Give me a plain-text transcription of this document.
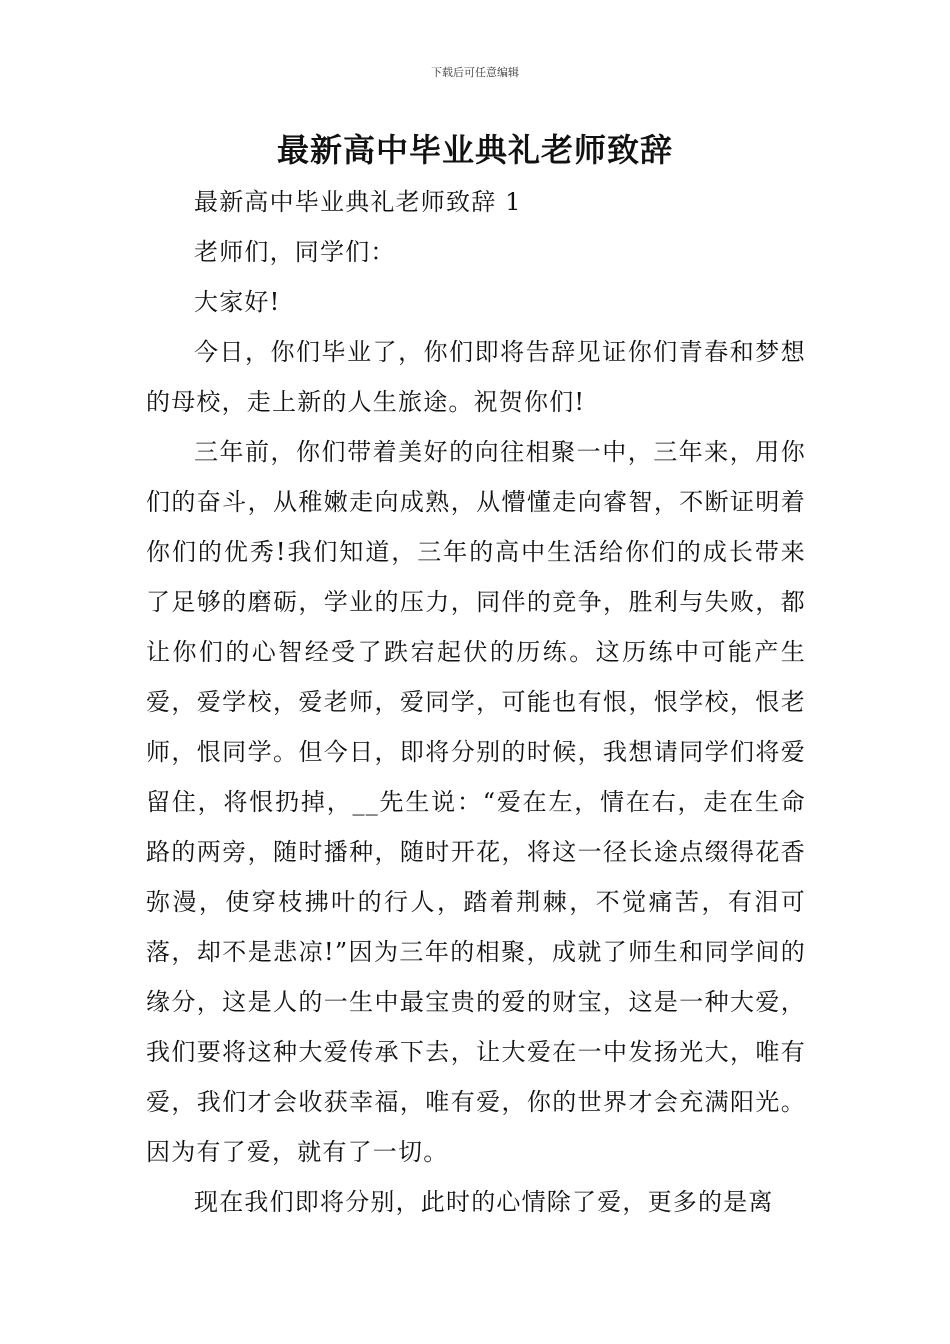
下载后可任意编辑
最新高中毕业典礼老师致辞

最新高中毕业典礼老师致辞 1

老师们，同学们：

大家好!

今日，你们毕业了，你们即将告辞见证你们青春和梦想的母校，走上新的人生旅途。祝贺你们!

三年前，你们带着美好的向往相聚一中，三年来，用你们的奋斗，从稚嫩走向成熟，从懵懂走向睿智，不断证明着你们的优秀!我们知道，三年的高中生活给你们的成长带来了足够的磨砺，学业的压力，同伴的竞争，胜利与失败，都让你们的心智经受了跌宕起伏的历练。这历练中可能产生爱，爱学校，爱老师，爱同学，可能也有恨，恨学校，恨老师，恨同学。但今日，即将分别的时候，我想请同学们将爱留住，将恨扔掉，__先生说：“爱在左，情在右，走在生命路的两旁，随时播种，随时开花，将这一径长途点缀得花香弥漫，使穿枝拂叶的行人，踏着荆棘，不觉痛苦，有泪可落，却不是悲凉!”因为三年的相聚，成就了师生和同学间的缘分，这是人的一生中最宝贵的爱的财宝，这是一种大爱，我们要将这种大爱传承下去，让大爱在一中发扬光大，唯有爱，我们才会收获幸福，唯有爱，你的世界才会充满阳光。因为有了爱，就有了一切。

现在我们即将分别，此时的心情除了爱，更多的是离
